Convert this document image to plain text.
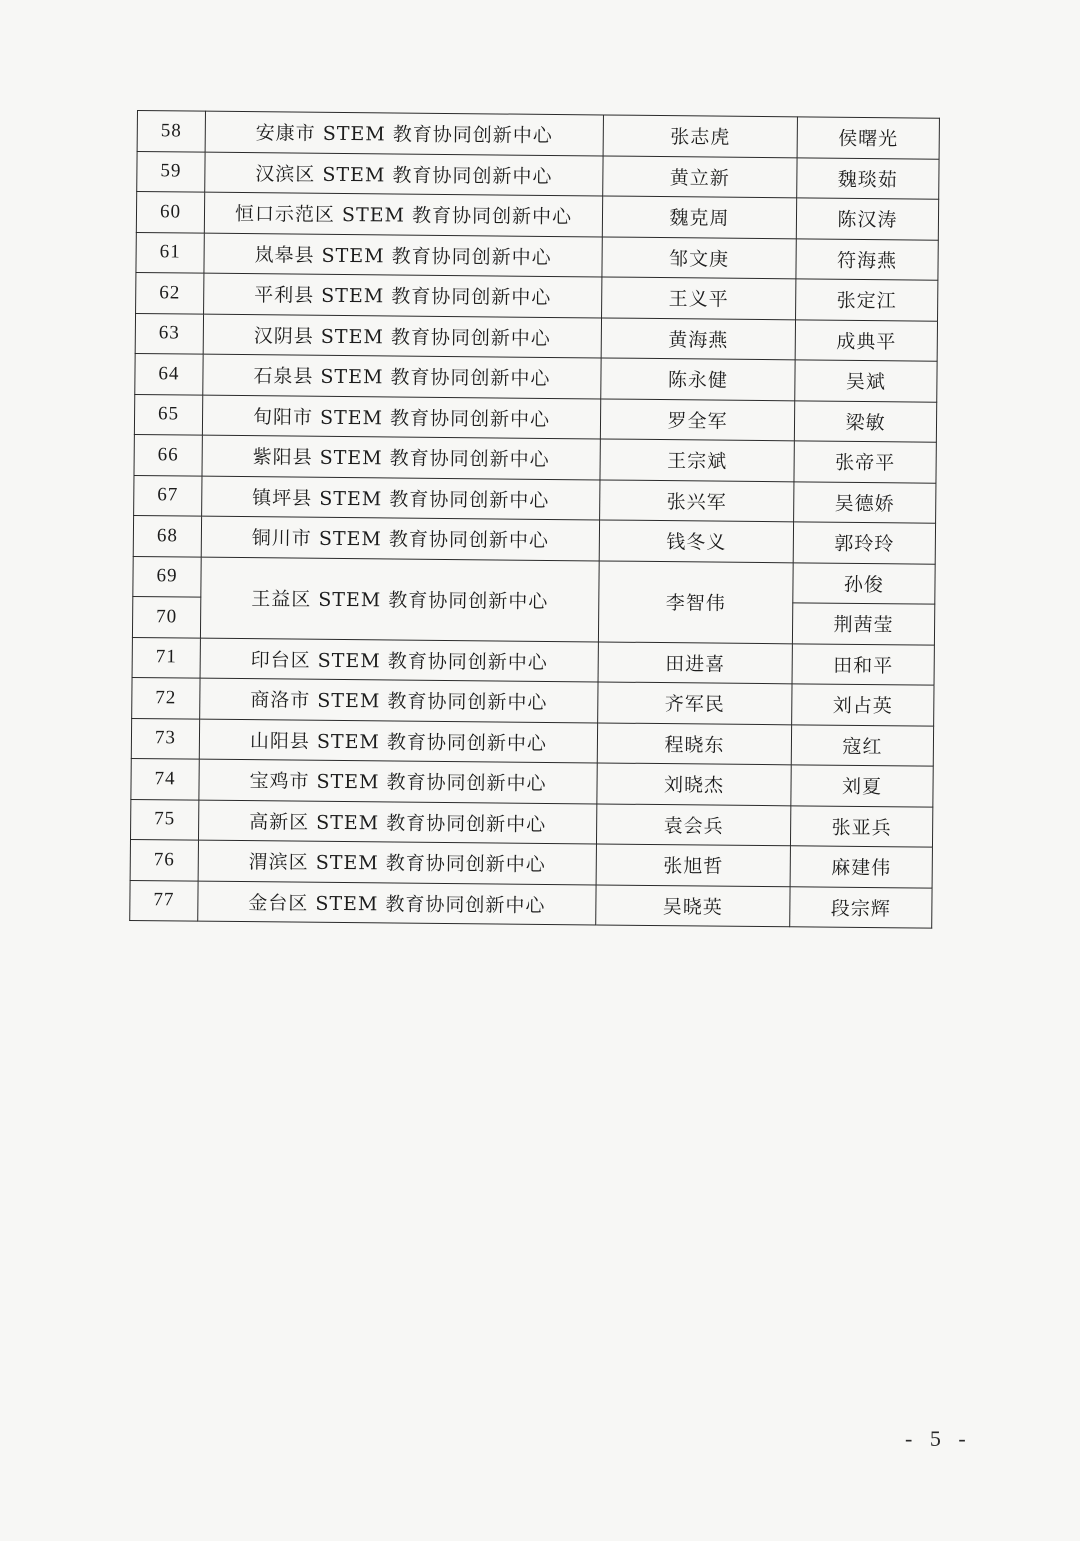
58	安康市 STEM 教育协同创新中心	张志虎	侯曙光
59	汉滨区 STEM 教育协同创新中心	黄立新	魏琰茹
60	恒口示范区 STEM 教育协同创新中心	魏克周	陈汉涛
61	岚皋县 STEM 教育协同创新中心	邹文庚	符海燕
62	平利县 STEM 教育协同创新中心	王义平	张定江
63	汉阴县 STEM 教育协同创新中心	黄海燕	成典平
64	石泉县 STEM 教育协同创新中心	陈永健	吴斌
65	旬阳市 STEM 教育协同创新中心	罗全军	梁敏
66	紫阳县 STEM 教育协同创新中心	王宗斌	张帝平
67	镇坪县 STEM 教育协同创新中心	张兴军	吴德娇
68	铜川市 STEM 教育协同创新中心	钱冬义	郭玲玲
69	王益区 STEM 教育协同创新中心	李智伟	孙俊
70			荆茜莹
71	印台区 STEM 教育协同创新中心	田进喜	田和平
72	商洛市 STEM 教育协同创新中心	齐军民	刘占英
73	山阳县 STEM 教育协同创新中心	程晓东	寇红
74	宝鸡市 STEM 教育协同创新中心	刘晓杰	刘夏
75	高新区 STEM 教育协同创新中心	袁会兵	张亚兵
76	渭滨区 STEM 教育协同创新中心	张旭哲	麻建伟
77	金台区 STEM 教育协同创新中心	吴晓英	段宗辉
- 5 -
